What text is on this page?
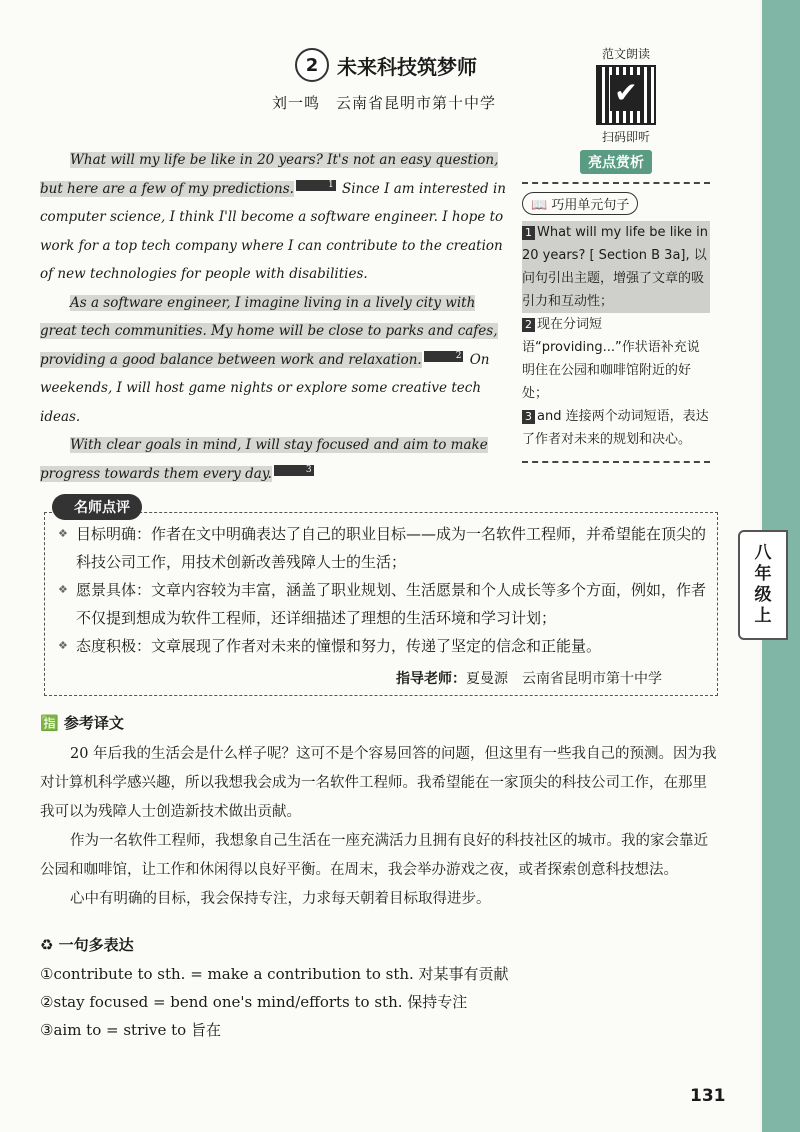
八
年
级
上
2 未来科技筑梦师
刘一鸣　云南省昆明市第十中学
范文朗读
✔
扫码即听

What will my life be like in 20 years? It's not an easy question, but here are a few of my predictions.	1 Since I am interested in computer science, I think I'll become a software engineer. I hope to work for a top tech company where I can contribute to the creation of new technologies for people with disabilities.

As a software engineer, I imagine living in a lively city with great tech communities. My home will be close to parks and cafes, providing a good balance between work and relaxation.	2 On weekends, I will host game nights or explore some creative tech ideas.

With clear goals in mind, I will stay focused and aim to make progress towards them every day.	3

亮点赏析
📖 巧用单元句子
1 What will my life be like in 20 years? [ Section B 3a], 以问句引出主题，增强了文章的吸引力和互动性；
2 现在分词短语“providing...”作状语补充说明住在公园和咖啡馆附近的好处；
3 and 连接两个动词短语，表达了作者对未来的规划和决心。
名师点评
❖ 目标明确：作者在文中明确表达了自己的职业目标——成为一名软件工程师，并希望能在顶尖的科技公司工作，用技术创新改善残障人士的生活；
❖ 愿景具体：文章内容较为丰富，涵盖了职业规划、生活愿景和个人成长等多个方面，例如，作者不仅提到想成为软件工程师，还详细描述了理想的生活环境和学习计划；
❖ 态度积极：文章展现了作者对未来的憧憬和努力，传递了坚定的信念和正能量。
指导老师：夏曼源　云南省昆明市第十中学
🈯 参考译文

20 年后我的生活会是什么样子呢？这可不是个容易回答的问题，但这里有一些我自己的预测。因为我对计算机科学感兴趣，所以我想我会成为一名软件工程师。我希望能在一家顶尖的科技公司工作，在那里我可以为残障人士创造新技术做出贡献。

作为一名软件工程师，我想象自己生活在一座充满活力且拥有良好的科技社区的城市。我的家会靠近公园和咖啡馆，让工作和休闲得以良好平衡。在周末，我会举办游戏之夜，或者探索创意科技想法。

心中有明确的目标，我会保持专注，力求每天朝着目标取得进步。

♻ 一句多表达
①contribute to sth. = make a contribution to sth. 对某事有贡献
②stay focused = bend one's mind/efforts to sth. 保持专注
③aim to = strive to 旨在
131
